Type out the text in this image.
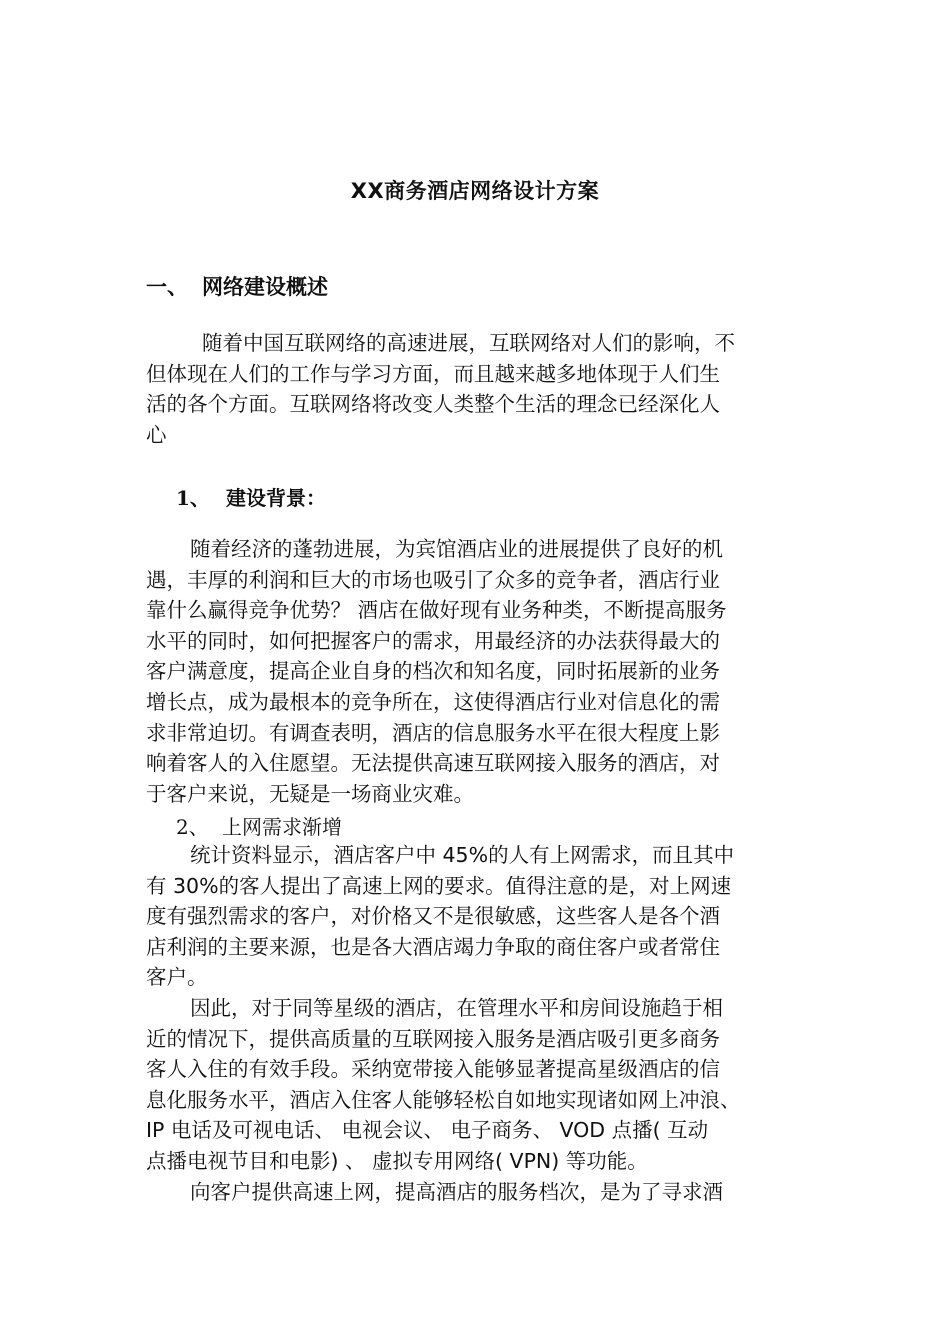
XX商务酒店网络设计方案
一、 网络建设概述
随着中国互联网络的高速进展，互联网络对人们的影响，不
但体现在人们的工作与学习方面，而且越来越多地体现于人们生
活的各个方面。互联网络将改变人类整个生活的理念已经深化人
心
1、 建设背景：
随着经济的蓬勃进展，为宾馆酒店业的进展提供了良好的机
遇，丰厚的利润和巨大的市场也吸引了众多的竞争者，酒店行业
靠什么赢得竞争优势？ 酒店在做好现有业务种类，不断提高服务
水平的同时，如何把握客户的需求，用最经济的办法获得最大的
客户满意度，提高企业自身的档次和知名度，同时拓展新的业务
增长点，成为最根本的竞争所在，这使得酒店行业对信息化的需
求非常迫切。有调查表明，酒店的信息服务水平在很大程度上影
响着客人的入住愿望。无法提供高速互联网接入服务的酒店，对
于客户来说，无疑是一场商业灾难。
2、 上网需求渐增
统计资料显示，酒店客户中 45%的人有上网需求，而且其中
有 30%的客人提出了高速上网的要求。值得注意的是，对上网速
度有强烈需求的客户，对价格又不是很敏感，这些客人是各个酒
店利润的主要来源，也是各大酒店竭力争取的商住客户或者常住
客户。
因此，对于同等星级的酒店，在管理水平和房间设施趋于相
近的情况下，提供高质量的互联网接入服务是酒店吸引更多商务
客人入住的有效手段。采纳宽带接入能够显著提高星级酒店的信
息化服务水平，酒店入住客人能够轻松自如地实现诸如网上冲浪、
IP 电话及可视电话、 电视会议、 电子商务、 VOD 点播( 互动
点播电视节目和电影) 、 虚拟专用网络( VPN) 等功能。
向客户提供高速上网，提高酒店的服务档次，是为了寻求酒
